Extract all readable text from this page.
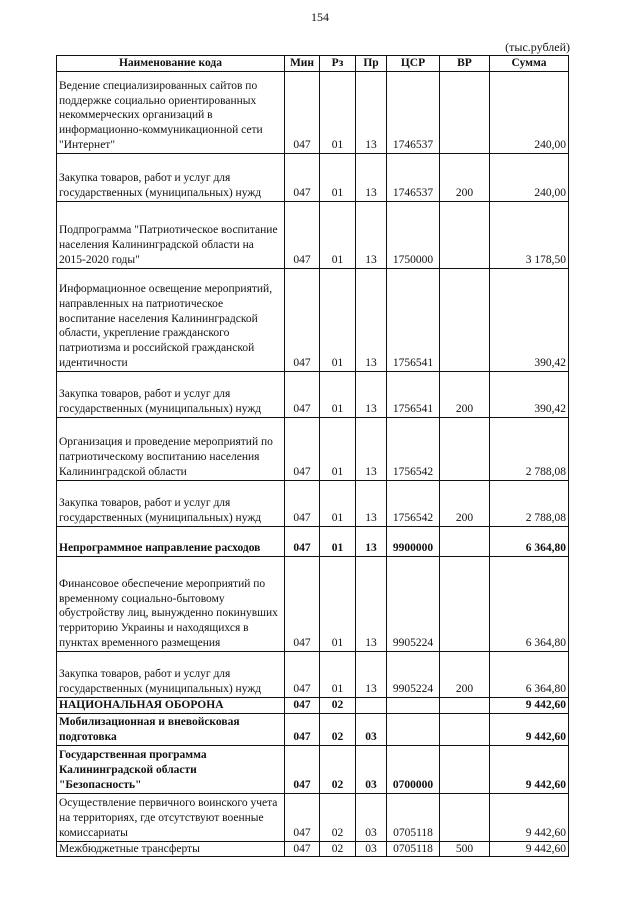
154
(тыс.рублей)
Наименование кода	Мин	Рз	Пр	ЦСР	ВР	Сумма
Ведение специализированных сайтов по поддержке социально ориентированных некоммерческих организаций в информационно-коммуникационной сети "Интернет"	047	01	13	1746537		240,00
Закупка товаров, работ и услуг для государственных (муниципальных) нужд	047	01	13	1746537	200	240,00
Подпрограмма "Патриотическое воспитание населения Калининградской области на 2015-2020 годы"	047	01	13	1750000		3 178,50
Информационное освещение мероприятий, направленных на патриотическое воспитание населения Калининградской области, укрепление гражданского патриотизма и российской гражданской идентичности	047	01	13	1756541		390,42
Закупка товаров, работ и услуг для государственных (муниципальных) нужд	047	01	13	1756541	200	390,42
Организация и проведение мероприятий по патриотическому воспитанию населения Калининградской области	047	01	13	1756542		2 788,08
Закупка товаров, работ и услуг для государственных (муниципальных) нужд	047	01	13	1756542	200	2 788,08
Непрограммное направление расходов	047	01	13	9900000		6 364,80
Финансовое обеспечение мероприятий по временному социально-бытовому обустройству лиц, вынужденно покинувших территорию Украины и находящихся в пунктах временного размещения	047	01	13	9905224		6 364,80
Закупка товаров, работ и услуг для государственных (муниципальных) нужд	047	01	13	9905224	200	6 364,80
НАЦИОНАЛЬНАЯ ОБОРОНА	047	02				9 442,60
Мобилизационная и вневойсковая подготовка	047	02	03			9 442,60
Государственная программа Калининградской области "Безопасность"	047	02	03	0700000		9 442,60
Осуществление первичного воинского учета на территориях, где отсутствуют военные комиссариаты	047	02	03	0705118		9 442,60
Межбюджетные трансферты	047	02	03	0705118	500	9 442,60
